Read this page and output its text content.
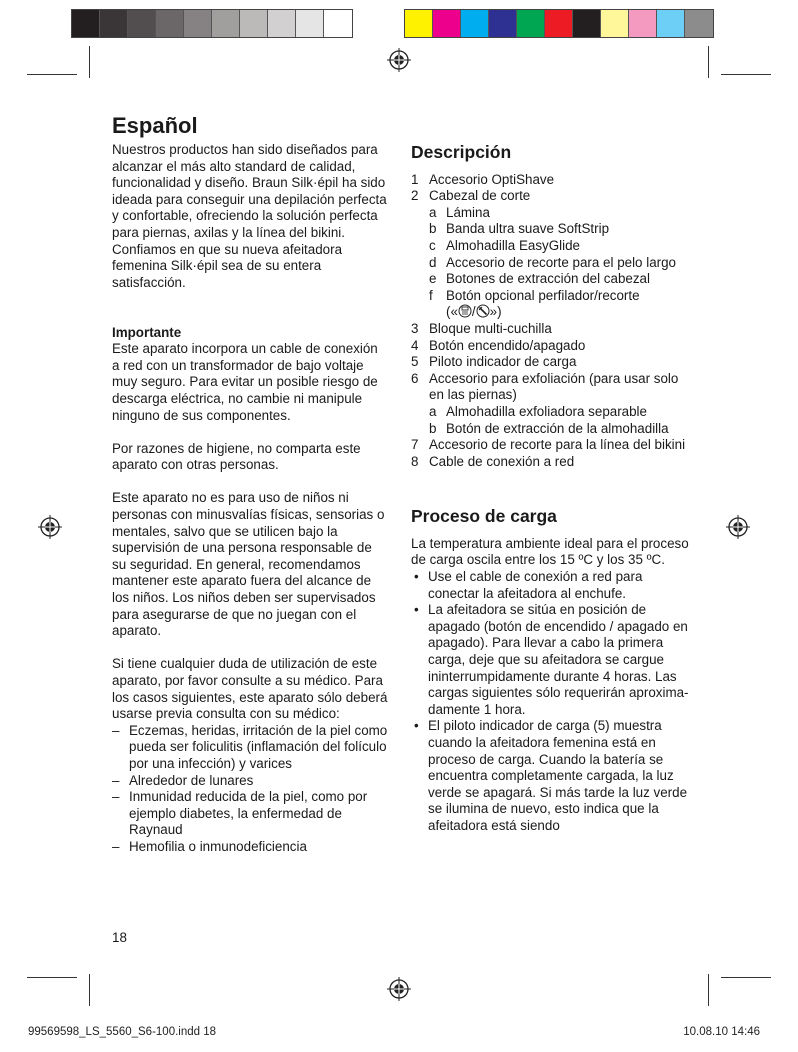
Español

Nuestros productos han sido diseñados para alcanzar el más alto standard de calidad, funcionalidad y diseño. Braun Silk·épil ha sido ideada para conseguir una depilación perfecta y confortable, ofreciendo la solución perfecta para piernas, axilas y la línea del bikini. Confiamos en que su nueva afeitadora femenina Silk·épil sea de su entera satisfacción.

Importante

Este aparato incorpora un cable de conexión a red con un transformador de bajo voltaje muy seguro. Para evitar un posible riesgo de descarga eléctrica, no cambie ni manipule ninguno de sus componentes.

Por razones de higiene, no comparta este aparato con otras personas.

Este aparato no es para uso de niños ni personas con minusvalías físicas, sensorias o mentales, salvo que se utilicen bajo la supervisión de una persona responsable de su seguridad. En general, recomendamos mantener este aparato fuera del alcance de los niños. Los niños deben ser supervisados para asegurarse de que no juegan con el aparato.

Si tiene cualquier duda de utilización de este aparato, por favor consulte a su médico. Para los casos siguientes, este aparato sólo deberá usarse previa consulta con su médico:

– Eczemas, heridas, irritación de la piel como pueda ser foliculitis (inflamación del folículo por una infección) y varices
– Alrededor de lunares
– Inmunidad reducida de la piel, como por ejemplo diabetes, la enfermedad de Raynaud
– Hemofilia o inmunodeficiencia
Descripción
1 Accesorio OptiShave
2 Cabezal de corte
a Lámina
b Banda ultra suave SoftStrip
c Almohadilla EasyGlide
d Accesorio de recorte para el pelo largo
e Botones de extracción del cabezal
f Botón opcional perfilador/recorte
(« / »)
3 Bloque multi-cuchilla
4 Botón encendido/apagado
5 Piloto indicador de carga
6 Accesorio para exfoliación (para usar solo en las piernas)
a Almohadilla exfoliadora separable
b Botón de extracción de la almohadilla
7 Accesorio de recorte para la línea del bikini
8 Cable de conexión a red
Proceso de carga

La temperatura ambiente ideal para el proceso de carga oscila entre los 15 ºC y los 35 ºC.

• Use el cable de conexión a red para conectar la afeitadora al enchufe.
• La afeitadora se sitúa en posición de apagado (botón de encendido / apagado en apagado). Para llevar a cabo la primera carga, deje que su afeitadora se cargue ininterrumpidamente durante 4 horas. Las cargas siguientes sólo requerirán aproximadamente 1 hora.
• El piloto indicador de carga (5) muestra cuando la afeitadora femenina está en proceso de carga. Cuando la batería se encuentra completamente cargada, la luz verde se apagará. Si más tarde la luz verde se ilumina de nuevo, esto indica que la afeitadora está siendo
18
99569598_LS_5560_S6-100.indd 18	10.08.10 14:46
